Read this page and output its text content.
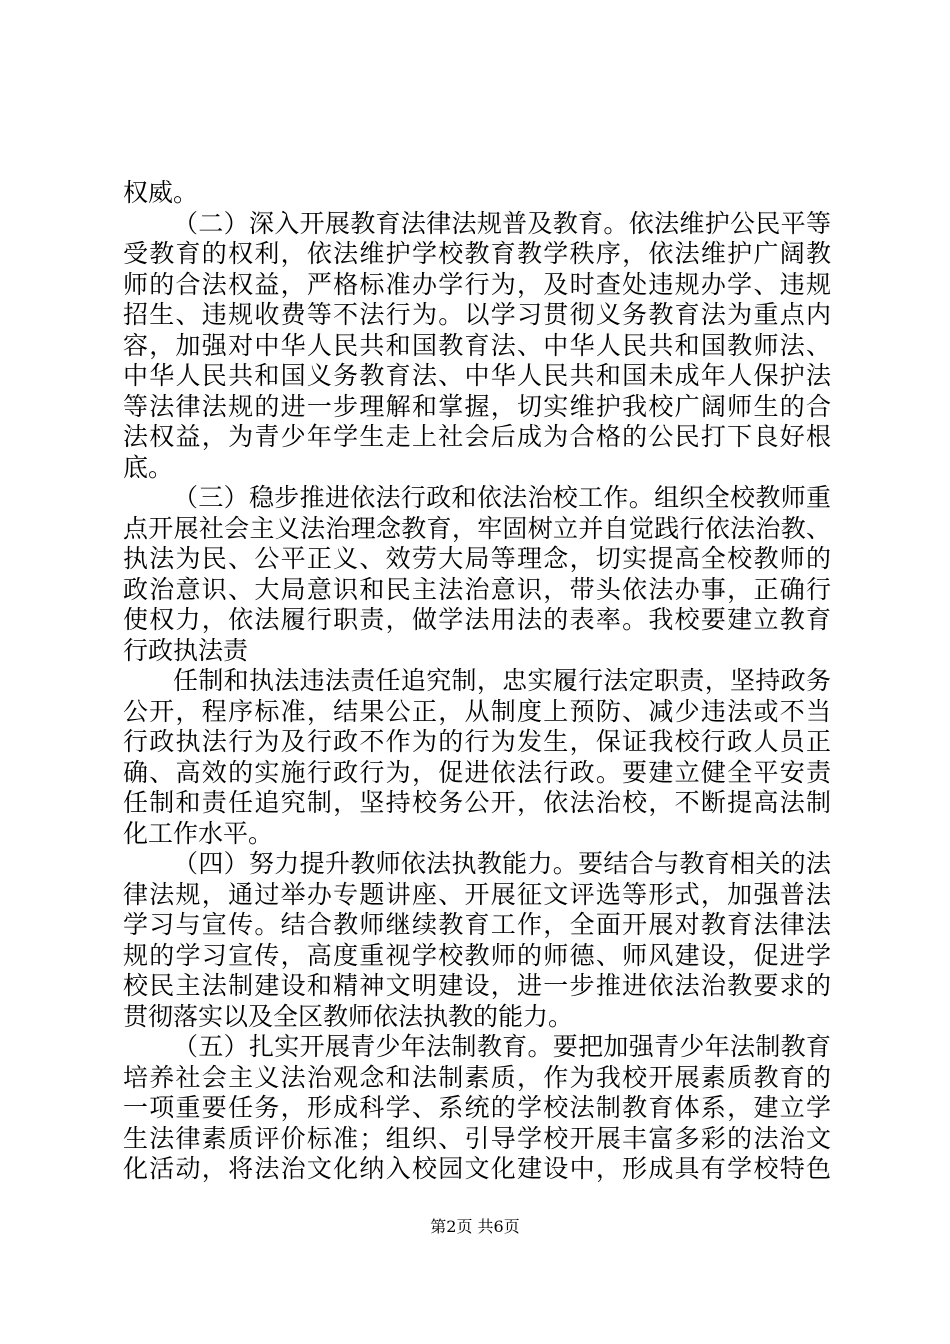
权威。
（二）深入开展教育法律法规普及教育。依法维护公民平等
受教育的权利，依法维护学校教育教学秩序，依法维护广阔教
师的合法权益，严格标准办学行为，及时查处违规办学、违规
招生、违规收费等不法行为。以学习贯彻义务教育法为重点内
容，加强对中华人民共和国教育法、中华人民共和国教师法、
中华人民共和国义务教育法、中华人民共和国未成年人保护法
等法律法规的进一步理解和掌握，切实维护我校广阔师生的合
法权益，为青少年学生走上社会后成为合格的公民打下良好根
底。
（三）稳步推进依法行政和依法治校工作。组织全校教师重
点开展社会主义法治理念教育，牢固树立并自觉践行依法治教、
执法为民、公平正义、效劳大局等理念，切实提高全校教师的
政治意识、大局意识和民主法治意识，带头依法办事，正确行
使权力，依法履行职责，做学法用法的表率。我校要建立教育
行政执法责
任制和执法违法责任追究制，忠实履行法定职责，坚持政务
公开，程序标准，结果公正，从制度上预防、减少违法或不当
行政执法行为及行政不作为的行为发生，保证我校行政人员正
确、高效的实施行政行为，促进依法行政。要建立健全平安责
任制和责任追究制，坚持校务公开，依法治校，不断提高法制
化工作水平。
（四）努力提升教师依法执教能力。要结合与教育相关的法
律法规，通过举办专题讲座、开展征文评选等形式，加强普法
学习与宣传。结合教师继续教育工作，全面开展对教育法律法
规的学习宣传，高度重视学校教师的师德、师风建设，促进学
校民主法制建设和精神文明建设，进一步推进依法治教要求的
贯彻落实以及全区教师依法执教的能力。
（五）扎实开展青少年法制教育。要把加强青少年法制教育
培养社会主义法治观念和法制素质，作为我校开展素质教育的
一项重要任务，形成科学、系统的学校法制教育体系，建立学
生法律素质评价标准；组织、引导学校开展丰富多彩的法治文
化活动，将法治文化纳入校园文化建设中，形成具有学校特色
第2页 共6页
